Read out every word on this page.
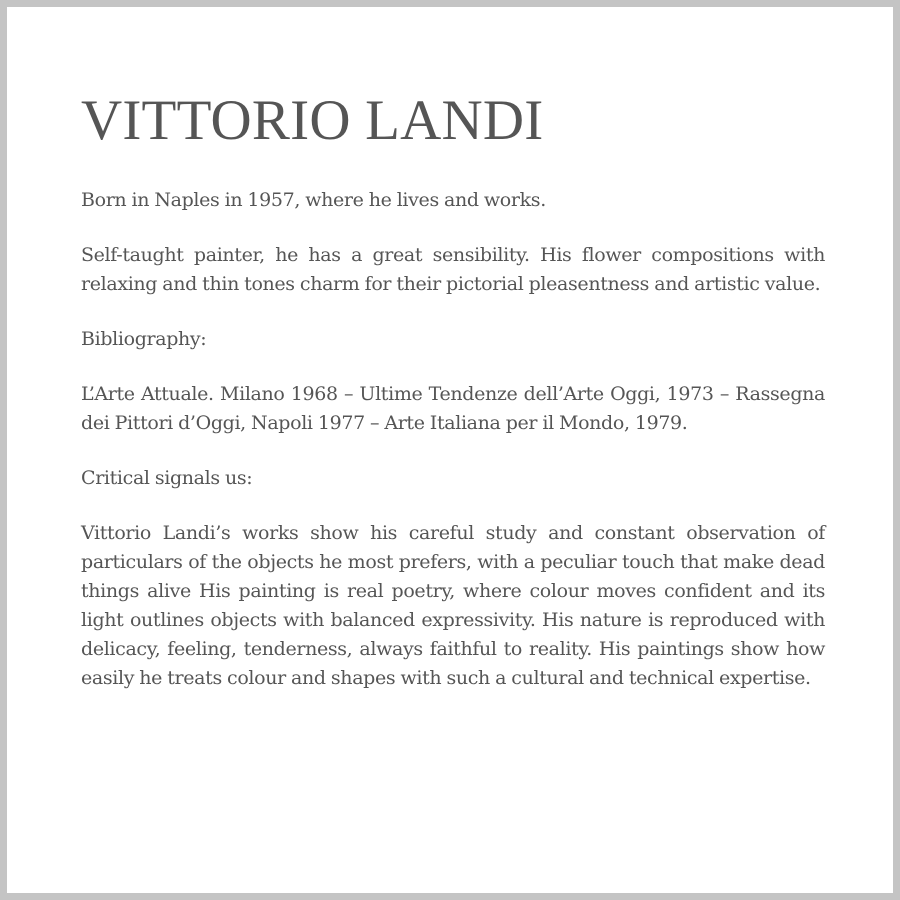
VITTORIO LANDI

Born in Naples in 1957, where he lives and works.

Self-taught painter, he has a great sensibility. His flower compositions with relaxing and thin tones charm for their pictorial pleasentness and artistic value.

Bibliography:

L’Arte Attuale. Milano 1968 – Ultime Tendenze dell’Arte Oggi, 1973 – Rassegna dei Pittori d’Oggi, Napoli 1977 – Arte Italiana per il Mondo, 1979.

Critical signals us:

Vittorio Landi’s works show his careful study and constant observation of particulars of the objects he most prefers, with a peculiar touch that make dead things alive His painting is real poetry, where colour moves confident and its light outlines objects with balanced expressivity. His nature is reproduced with delicacy, feeling, tenderness, always faithful to reality. His paintings show how easily he treats colour and shapes with such a cultural and technical expertise.
